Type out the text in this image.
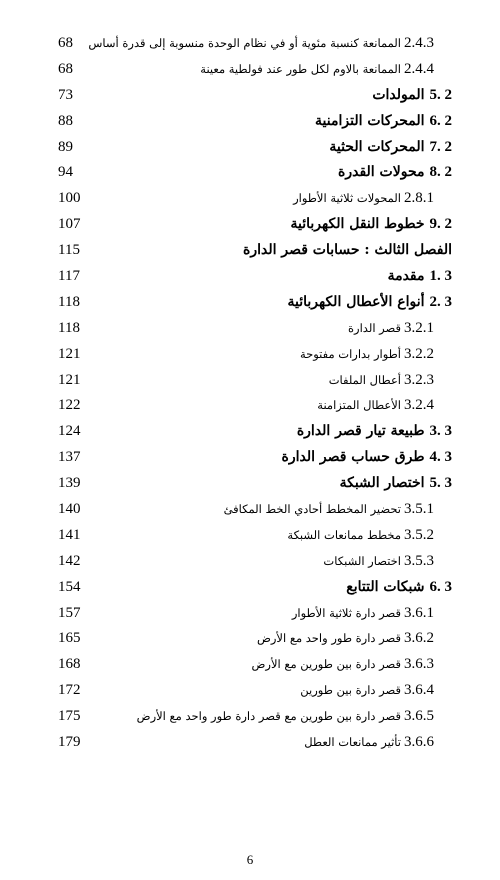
68	2.4.3الممانعة كنسبة مئوية أو في نظام الوحدة منسوبة إلى قدرة أساس
68	2.4.4الممانعة بالاوم لكل طور عند فولطية معينة
73	5. 2المولدات
88	6. 2المحركات التزامنية
89	7. 2المحركات الحثية
94	8. 2محولات القدرة
100	2.8.1المحولات ثلاثية الأطوار
107	9. 2خطوط النقل الكهربائية
115	الفصل الثالث : حسابات قصر الدارة
117	1. 3مقدمة
118	2. 3أنواع الأعطال الكهربائية
118	3.2.1قصر الدارة
121	3.2.2أطوار بدارات مفتوحة
121	3.2.3أعطال الملفات
122	3.2.4الأعطال المتزامنة
124	3. 3طبيعة تيار قصر الدارة
137	4. 3طرق حساب قصر الدارة
139	5. 3اختصار الشبكة
140	3.5.1تحضير المخطط أحادي الخط المكافئ
141	3.5.2مخطط ممانعات الشبكة
142	3.5.3اختصار الشبكات
154	6. 3شبكات التتابع
157	3.6.1قصر دارة ثلاثية الأطوار
165	3.6.2قصر دارة طور واحد مع الأرض
168	3.6.3قصر دارة بين طورين مع الأرض
172	3.6.4قصر دارة بين طورين
175	3.6.5قصر دارة بين طورين مع قصر دارة طور واحد مع الأرض
179	3.6.6تأثير ممانعات العطل
6
